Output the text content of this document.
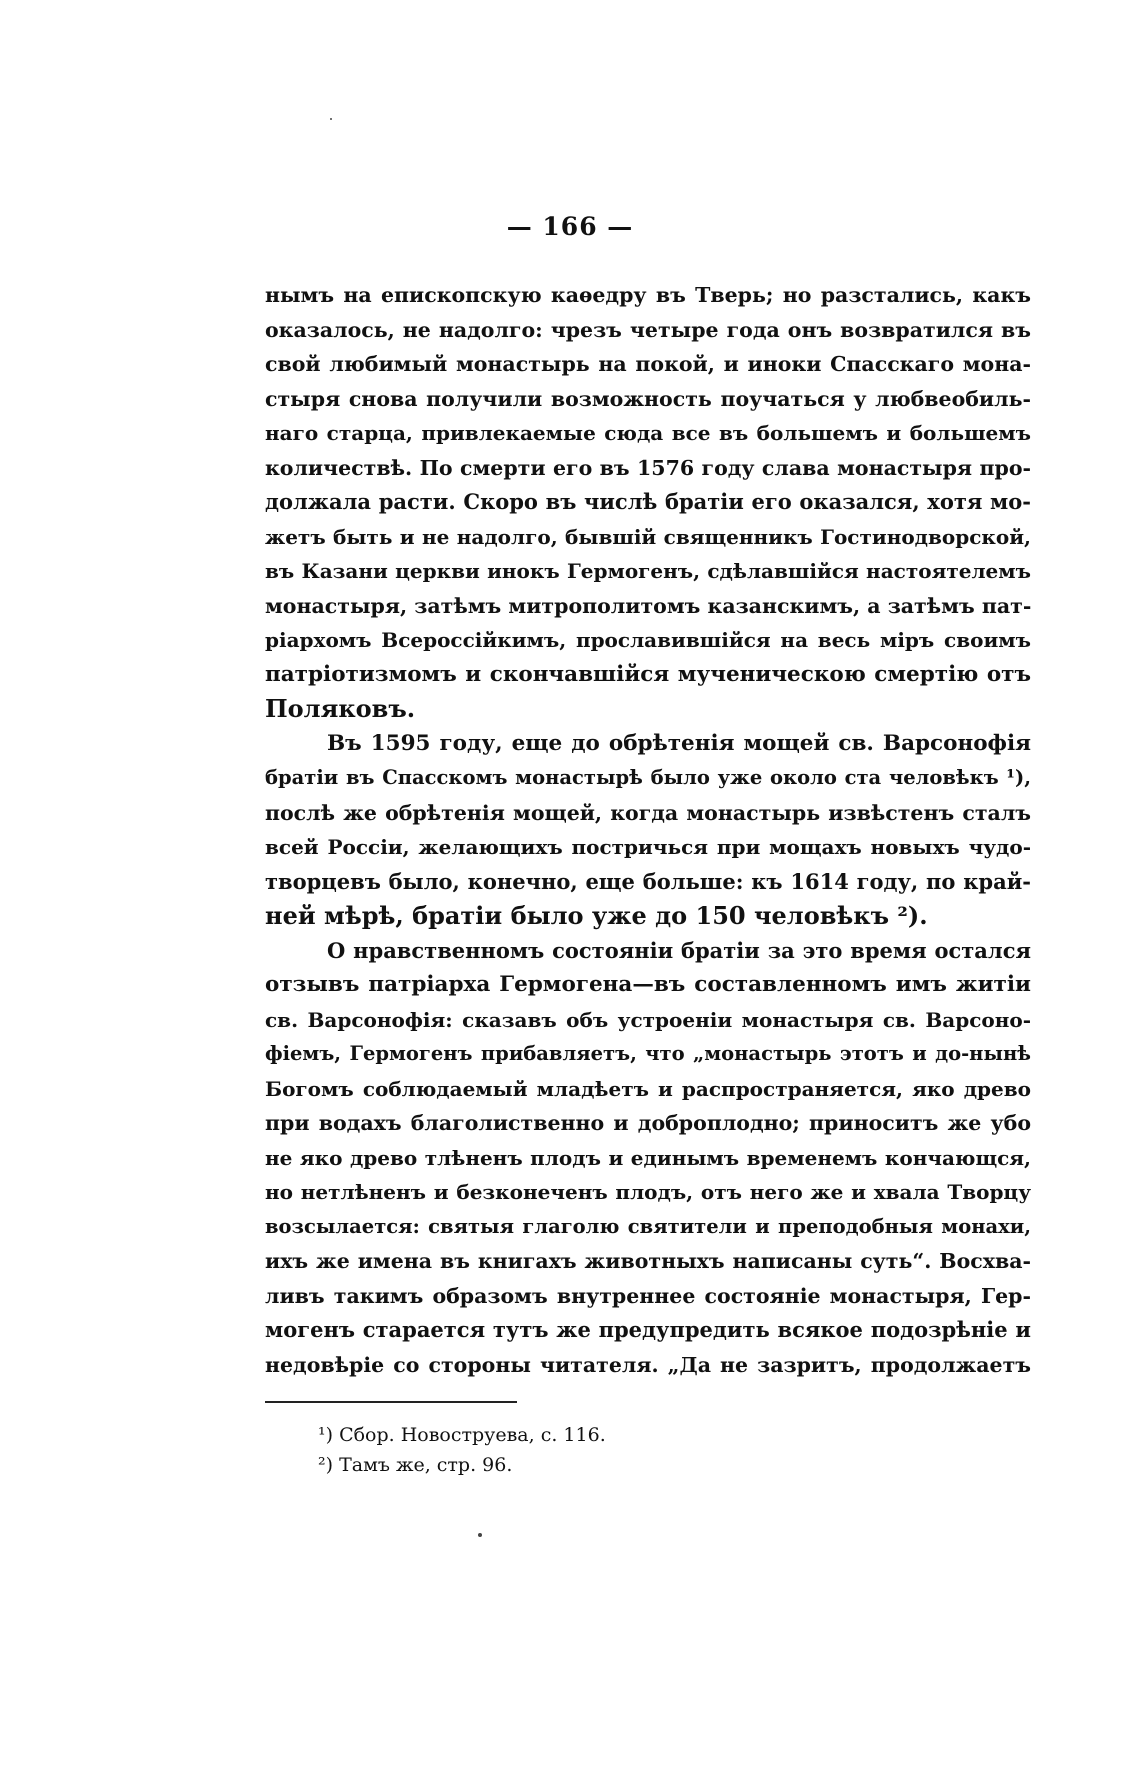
— 166 —
нымъ на епископскую каѳедру въ Тверь; но разстались, какъ
оказалось, не надолго: чрезъ четыре года онъ возвратился въ
свой любимый монастырь на покой, и иноки Спасскаго мона-
стыря снова получили возможность поучаться у любвеобиль-
наго старца, привлекаемые сюда все въ большемъ и большемъ
количествѣ. По смерти его въ 1576 году слава монастыря про-
должала расти. Скоро въ числѣ братіи его оказался, хотя мо-
жетъ быть и не надолго, бывшій священникъ Гостинодворской,
въ Казани церкви инокъ Гермогенъ, сдѣлавшійся настоятелемъ
монастыря, затѣмъ митрополитомъ казанскимъ, а затѣмъ пат-
ріархомъ Всероссійкимъ, прославившійся на весь міръ своимъ
патріотизмомъ и скончавшійся мученическою смертію отъ
Поляковъ.
Въ 1595 году, еще до обрѣтенія мощей св. Варсонофія
братіи въ Спасскомъ монастырѣ было уже около ста человѣкъ ¹),
послѣ же обрѣтенія мощей, когда монастырь извѣстенъ сталъ
всей Россіи, желающихъ постричься при мощахъ новыхъ чудо-
творцевъ было, конечно, еще больше: къ 1614 году, по край-
ней мѣрѣ, братіи было уже до 150 человѣкъ ²).
О нравственномъ состояніи братіи за это время остался
отзывъ патріарха Гермогена—въ составленномъ имъ житіи
св. Варсонофія: сказавъ объ устроеніи монастыря св. Варсоно-
фіемъ, Гермогенъ прибавляетъ, что „монастырь этотъ и до-нынѣ
Богомъ соблюдаемый младѣетъ и распространяется, яко древо
при водахъ благолиственно и доброплодно; приноситъ же убо
не яко древо тлѣненъ плодъ и единымъ временемъ кончающся,
но нетлѣненъ и безконеченъ плодъ, отъ него же и хвала Творцу
возсылается: святыя глаголю святители и преподобныя монахи,
ихъ же имена въ книгахъ животныхъ написаны суть“. Восхва-
ливъ такимъ образомъ внутреннее состояніе монастыря, Гер-
могенъ старается тутъ же предупредить всякое подозрѣніе и
недовѣріе со стороны читателя. „Да не зазритъ, продолжаетъ
¹) Сбор. Новоструева, с. 116.
²) Тамъ же, стр. 96.
